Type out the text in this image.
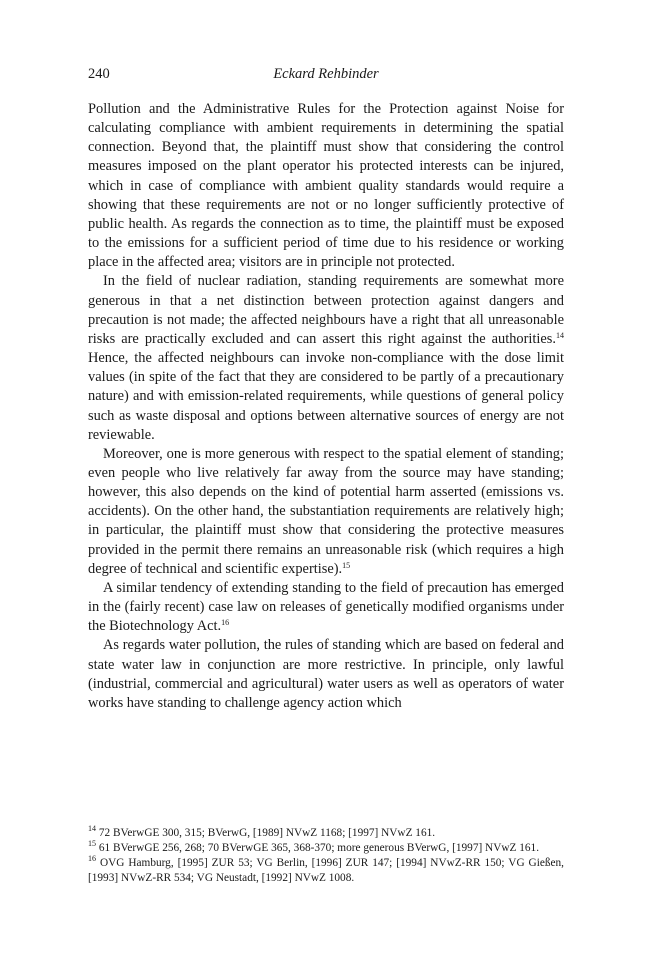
240	Eckard Rehbinder

Pollution and the Administrative Rules for the Protection against Noise for calculating compliance with ambient requirements in determining the spatial connection. Beyond that, the plaintiff must show that considering the control measures imposed on the plant operator his protected interests can be injured, which in case of compliance with ambient quality standards would require a showing that these requirements are not or no longer sufficiently protective of public health. As regards the connection as to time, the plaintiff must be exposed to the emissions for a sufficient period of time due to his residence or working place in the affected area; visitors are in principle not protected.

In the field of nuclear radiation, standing requirements are somewhat more generous in that a net distinction between protection against dangers and precaution is not made; the affected neighbours have a right that all unreasonable risks are practically excluded and can assert this right against the authorities.$^{14}$ Hence, the affected neighbours can invoke non-compliance with the dose limit values (in spite of the fact that they are considered to be partly of a precautionary nature) and with emission-related requirements, while questions of general policy such as waste disposal and options between alternative sources of energy are not reviewable.

Moreover, one is more generous with respect to the spatial element of standing; even people who live relatively far away from the source may have standing; however, this also depends on the kind of potential harm asserted (emissions vs. accidents). On the other hand, the substantiation requirements are relatively high; in particular, the plaintiff must show that considering the protective measures provided in the permit there remains an unreasonable risk (which requires a high degree of technical and scientific expertise).$^{15}$

A similar tendency of extending standing to the field of precaution has emerged in the (fairly recent) case law on releases of genetically modified organisms under the Biotechnology Act.$^{16}$

As regards water pollution, the rules of standing which are based on federal and state water law in conjunction are more restrictive. In principle, only lawful (industrial, commercial and agricultural) water users as well as operators of water works have standing to challenge agency action which

$^{14}$ 72 BVerwGE 300, 315; BVerwG, [1989] NVwZ 1168; [1997] NVwZ 161.

$^{15}$ 61 BVerwGE 256, 268; 70 BVerwGE 365, 368-370; more generous BVerwG, [1997] NVwZ 161.

$^{16}$ OVG Hamburg, [1995] ZUR 53; VG Berlin, [1996] ZUR 147; [1994] NVwZ-RR 150; VG Gießen, [1993] NVwZ-RR 534; VG Neustadt, [1992] NVwZ 1008.
